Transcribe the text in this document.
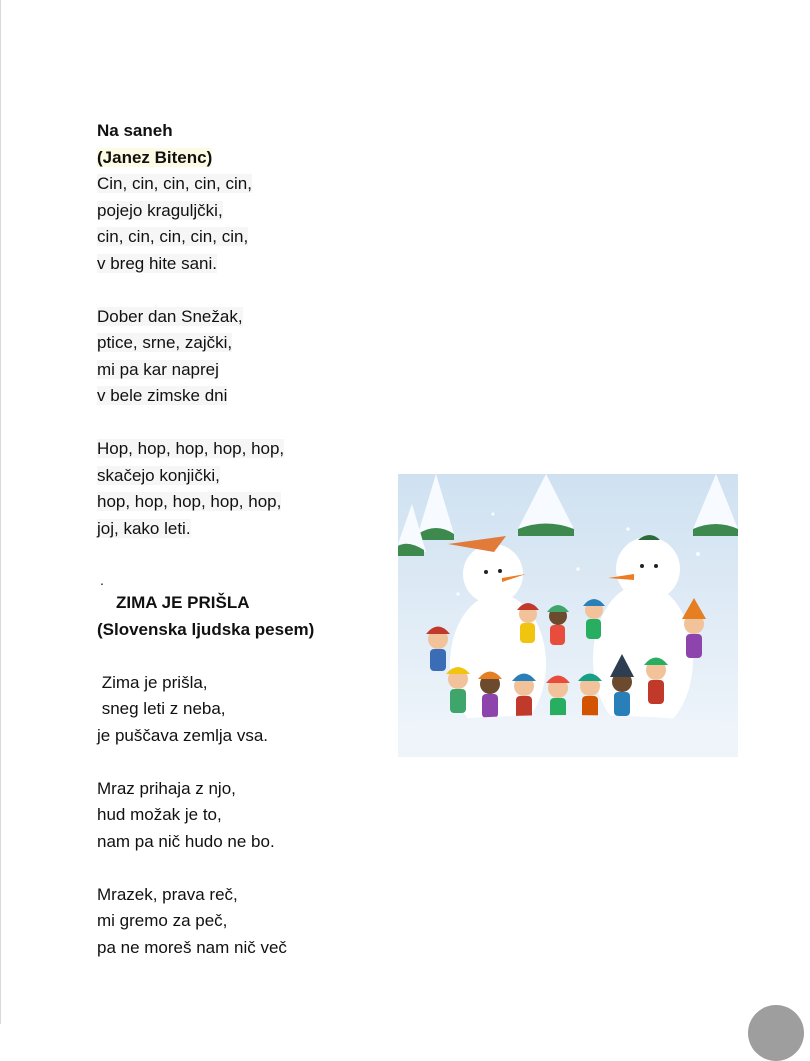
Na saneh
(Janez Bitenc)
Cin, cin, cin, cin, cin,
pojejo kraguljčki,
cin, cin, cin, cin, cin,
v breg hite sani.
Dober dan Snežak,
ptice, srne, zajčki,
mi pa kar naprej
v bele zimske dni
Hop, hop, hop, hop, hop,
skačejo konjički,
hop, hop, hop, hop, hop,
joj, kako leti.
.
ZIMA JE PRIŠLA
(Slovenska ljudska pesem)
Zima je prišla,
sneg leti z neba,
je puščava zemlja vsa.
Mraz prihaja z njo,
hud možak je to,
nam pa nič hudo ne bo.
Mrazek, prava reč,
mi gremo za peč,
pa ne moreš nam nič več
